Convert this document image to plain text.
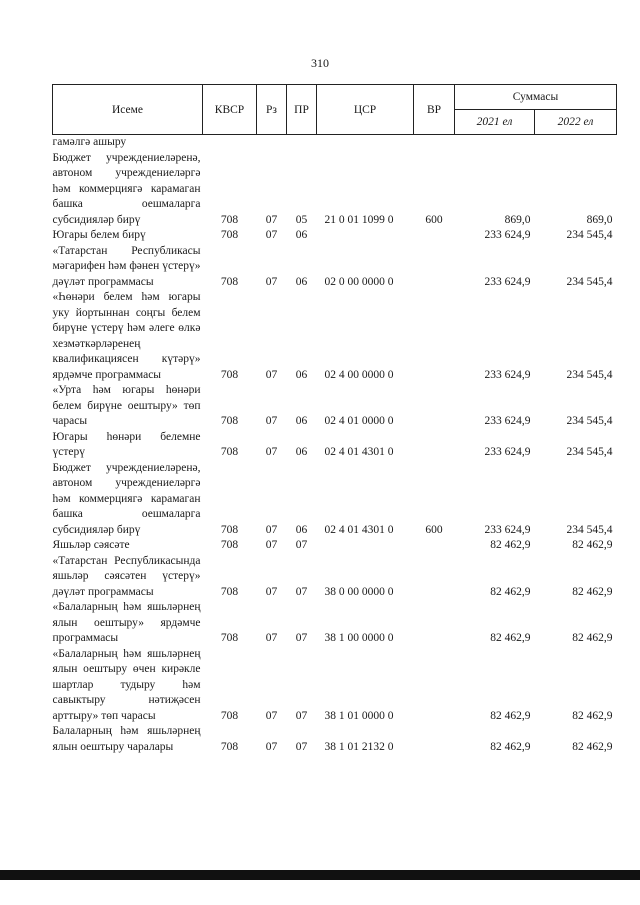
310
Исеме	КВСР	Рз	ПР	ЦСР	ВР	Суммасы	
						2021 ел	2022 ел
гамәлгә ашыру							
Бюджет учреждениеләренә, автоном учреждениеләргә һәм коммерциягә карамаган башка оешмаларга субсидияләр бирү	708	07	05	21 0 01 1099 0	600	869,0	869,0
Югары белем бирү	708	07	06			233 624,9	234 545,4
«Татарстан Республикасы мәгарифен һәм фәнен үстерү» дәүләт программасы	708	07	06	02 0 00 0000 0		233 624,9	234 545,4
«Һөнәри белем һәм югары уку йортыннан соңгы белем бирүне үстерү һәм әлеге өлкә хезмәткәрләренең квалификациясен күтәрү» ярдәмче программасы	708	07	06	02 4 00 0000 0		233 624,9	234 545,4
«Урта һәм югары һөнәри белем бирүне оештыру» төп чарасы	708	07	06	02 4 01 0000 0		233 624,9	234 545,4
Югары һөнәри белемне үстерү	708	07	06	02 4 01 4301 0		233 624,9	234 545,4
Бюджет учреждениеләренә, автоном учреждениеләргә һәм коммерциягә карамаган башка оешмаларга субсидияләр бирү	708	07	06	02 4 01 4301 0	600	233 624,9	234 545,4
Яшьләр сәясәте	708	07	07			82 462,9	82 462,9
«Татарстан Республикасында яшьләр сәясәтен үстерү» дәүләт программасы	708	07	07	38 0 00 0000 0		82 462,9	82 462,9
«Балаларның һәм яшьләрнең ялын оештыру» ярдәмче программасы	708	07	07	38 1 00 0000 0		82 462,9	82 462,9
«Балаларның һәм яшьләрнең ялын оештыру өчен кирәкле шартлар тудыру һәм савыктыру нәтиҗәсен арттыру» төп чарасы	708	07	07	38 1 01 0000 0		82 462,9	82 462,9
Балаларның һәм яшьләрнең ялын оештыру чаралары	708	07	07	38 1 01 2132 0		82 462,9	82 462,9
